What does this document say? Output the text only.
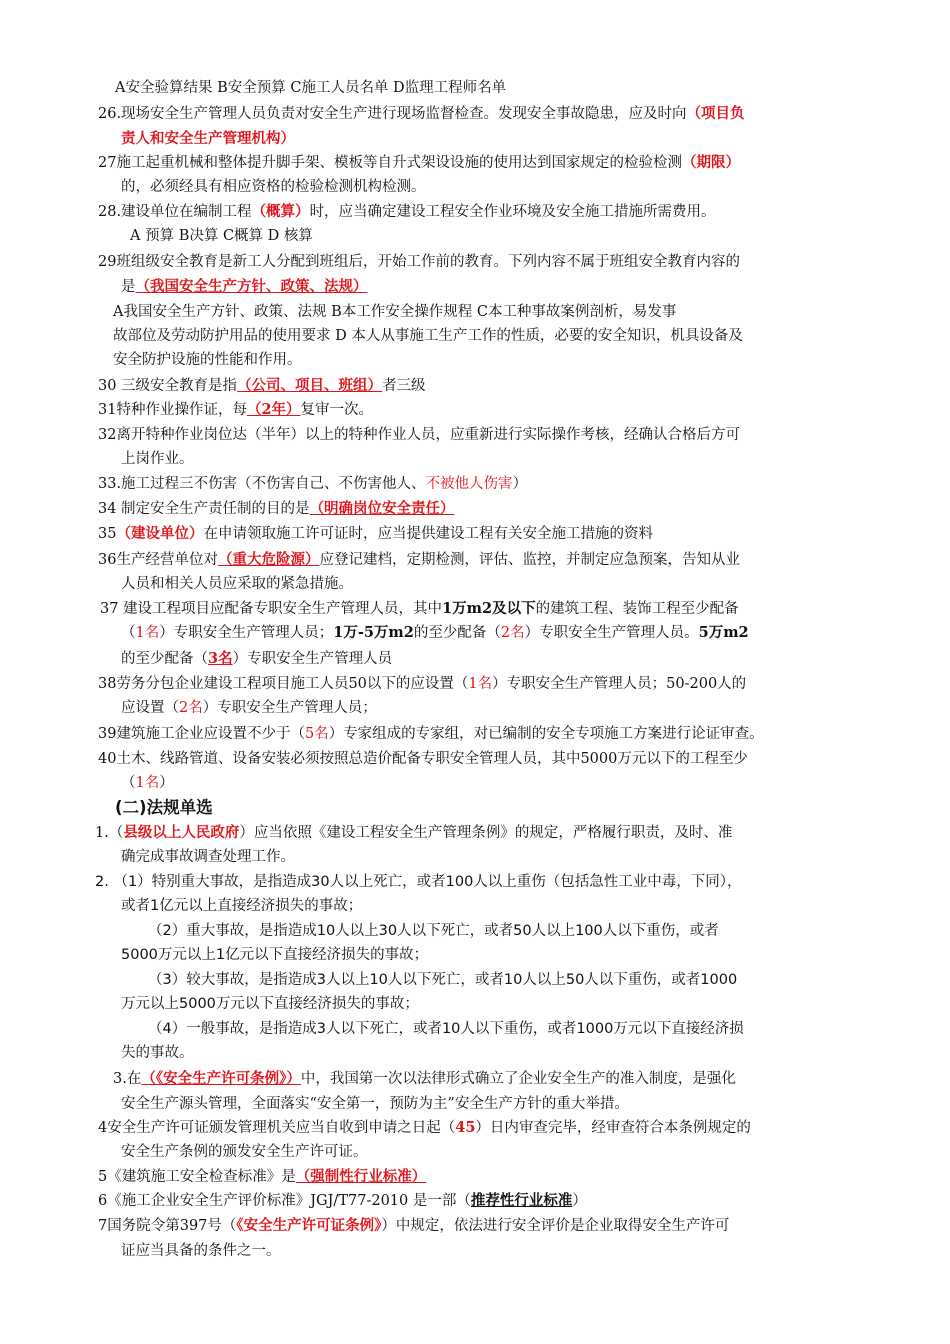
A安全验算结果 B安全预算 C施工人员名单 D监理工程师名单
26.现场安全生产管理人员负责对安全生产进行现场监督检查。发现安全事故隐患，应及时向（项目负
责人和安全生产管理机构）
27施工起重机械和整体提升脚手架、模板等自升式架设设施的使用达到国家规定的检验检测（期限）
的，必须经具有相应资格的检验检测机构检测。
28.建设单位在编制工程（概算）时，应当确定建设工程安全作业环境及安全施工措施所需费用。
A 预算 B决算 C概算 D 核算
29班组级安全教育是新工人分配到班组后，开始工作前的教育。下列内容不属于班组安全教育内容的
是（我国安全生产方针、政策、法规）
A我国安全生产方针、政策、法规 B本工作安全操作规程 C本工种事故案例剖析，易发事
故部位及劳动防护用品的使用要求 D 本人从事施工生产工作的性质，必要的安全知识，机具设备及
安全防护设施的性能和作用。
30 三级安全教育是指（公司、项目、班组）者三级
31特种作业操作证，每（2年）复审一次。
32离开特种作业岗位达（半年）以上的特种作业人员，应重新进行实际操作考核，经确认合格后方可
上岗作业。
33.施工过程三不伤害（不伤害自己、不伤害他人、不被他人伤害）
34 制定安全生产责任制的目的是（明确岗位安全责任）
35（建设单位）在申请领取施工许可证时，应当提供建设工程有关安全施工措施的资料
36生产经营单位对（重大危险源）应登记建档，定期检测，评估、监控，并制定应急预案，告知从业
人员和相关人员应采取的紧急措施。
37 建设工程项目应配备专职安全生产管理人员，其中1万m2及以下的建筑工程、装饰工程至少配备
（1名）专职安全生产管理人员；1万-5万m2的至少配备（2名）专职安全生产管理人员。5万m2
的至少配备（3名）专职安全生产管理人员
38劳务分包企业建设工程项目施工人员50以下的应设置（1名）专职安全生产管理人员；50-200人的
应设置（2名）专职安全生产管理人员；
39建筑施工企业应设置不少于（5名）专家组成的专家组，对已编制的安全专项施工方案进行论证审查。
40土木、线路管道、设备安装必须按照总造价配备专职安全管理人员，其中5000万元以下的工程至少
（1名）
(二)法规单选
1.（县级以上人民政府）应当依照《建设工程安全生产管理条例》的规定，严格履行职责，及时、准
确完成事故调查处理工作。
2. （1）特别重大事故，是指造成30人以上死亡，或者100人以上重伤（包括急性工业中毒，下同），
或者1亿元以上直接经济损失的事故；
（2）重大事故，是指造成10人以上30人以下死亡，或者50人以上100人以下重伤，或者
5000万元以上1亿元以下直接经济损失的事故；
（3）较大事故，是指造成3人以上10人以下死亡，或者10人以上50人以下重伤，或者1000
万元以上5000万元以下直接经济损失的事故；
（4）一般事故，是指造成3人以下死亡，或者10人以下重伤，或者1000万元以下直接经济损
失的事故。
3.在（《安全生产许可条例》）中，我国第一次以法律形式确立了企业安全生产的准入制度，是强化
安全生产源头管理，全面落实“安全第一，预防为主”安全生产方针的重大举措。
4安全生产许可证颁发管理机关应当自收到申请之日起（45）日内审查完毕，经审查符合本条例规定的
安全生产条例的颁发安全生产许可证。
5《建筑施工安全检查标准》是（强制性行业标准）
6《施工企业安全生产评价标准》JGJ/T77-2010 是一部（推荐性行业标准）
7国务院令第397号（《安全生产许可证条例》）中规定，依法进行安全评价是企业取得安全生产许可
证应当具备的条件之一。
